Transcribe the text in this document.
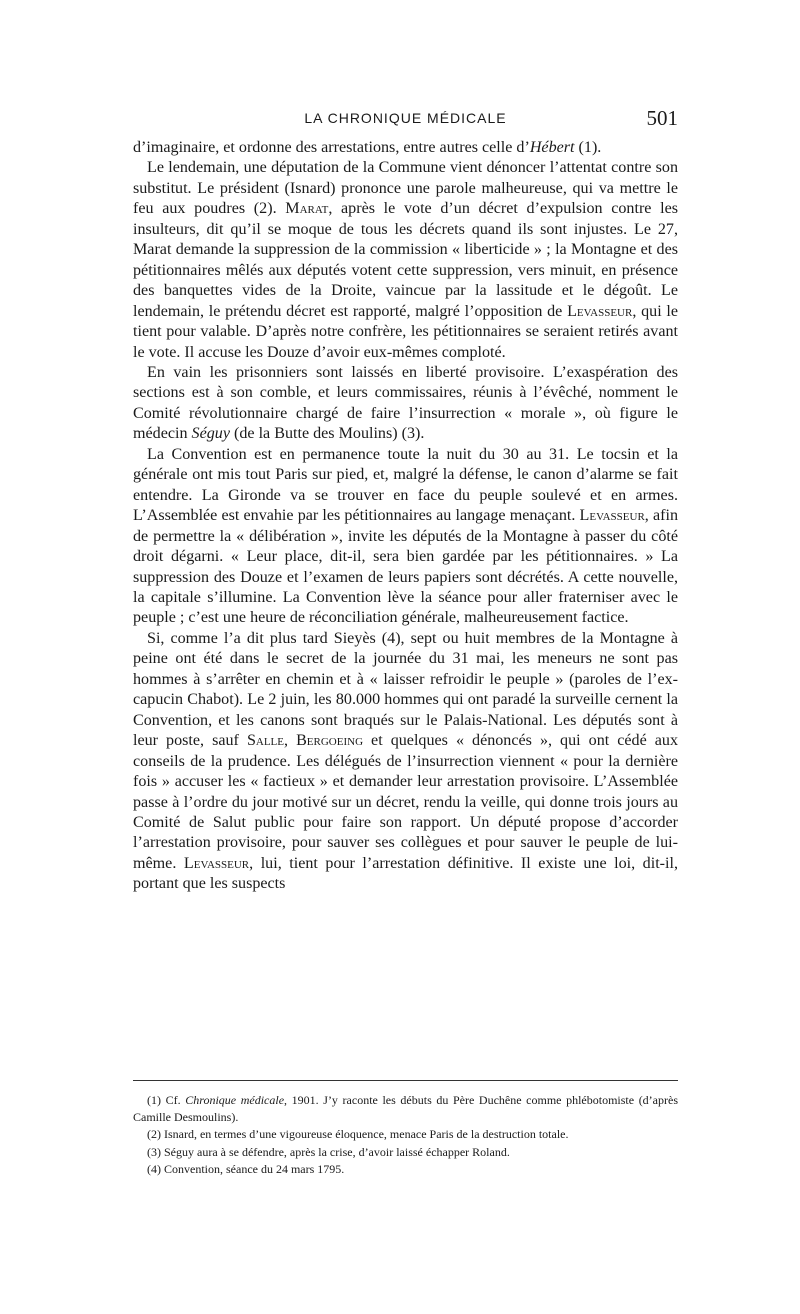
LA CHRONIQUE MÉDICALE	501

d’imaginaire, et ordonne des arrestations, entre autres celle d’Hébert (1).

Le lendemain, une députation de la Commune vient dénoncer l’attentat contre son substitut. Le président (Isnard) prononce une parole malheureuse, qui va mettre le feu aux poudres (2). Marat, après le vote d’un décret d’expulsion contre les insulteurs, dit qu’il se moque de tous les décrets quand ils sont injustes. Le 27, Marat demande la suppression de la commission « liberticide » ; la Montagne et des pétitionnaires mêlés aux députés votent cette suppression, vers minuit, en présence des banquettes vides de la Droite, vaincue par la lassitude et le dégoût. Le lendemain, le prétendu décret est rapporté, malgré l’opposition de Levasseur, qui le tient pour valable. D’après notre confrère, les pétitionnaires se seraient retirés avant le vote. Il accuse les Douze d’avoir eux-mêmes comploté.

En vain les prisonniers sont laissés en liberté provisoire. L’exaspération des sections est à son comble, et leurs commissaires, réunis à l’évêché, nomment le Comité révolutionnaire chargé de faire l’insurrection « morale », où figure le médecin Séguy (de la Butte des Moulins) (3).

La Convention est en permanence toute la nuit du 30 au 31. Le tocsin et la générale ont mis tout Paris sur pied, et, malgré la défense, le canon d’alarme se fait entendre. La Gironde va se trouver en face du peuple soulevé et en armes. L’Assemblée est envahie par les pétitionnaires au langage menaçant. Levasseur, afin de permettre la « délibération », invite les députés de la Montagne à passer du côté droit dégarni. « Leur place, dit-il, sera bien gardée par les pétitionnaires. » La suppression des Douze et l’examen de leurs papiers sont décrétés. A cette nouvelle, la capitale s’illumine. La Convention lève la séance pour aller fraterniser avec le peuple ; c’est une heure de réconciliation générale, malheureusement factice.

Si, comme l’a dit plus tard Sieyès (4), sept ou huit membres de la Montagne à peine ont été dans le secret de la journée du 31 mai, les meneurs ne sont pas hommes à s’arrêter en chemin et à « laisser refroidir le peuple » (paroles de l’ex-capucin Chabot). Le 2 juin, les 80.000 hommes qui ont paradé la surveille cernent la Convention, et les canons sont braqués sur le Palais-National. Les députés sont à leur poste, sauf Salle, Bergoeing et quelques « dénoncés », qui ont cédé aux conseils de la prudence. Les délégués de l’insurrection viennent « pour la dernière fois » accuser les « factieux » et demander leur arrestation provisoire. L’Assemblée passe à l’ordre du jour motivé sur un décret, rendu la veille, qui donne trois jours au Comité de Salut public pour faire son rapport. Un député propose d’accorder l’arrestation provisoire, pour sauver ses collègues et pour sauver le peuple de lui-même. Levasseur, lui, tient pour l’arrestation définitive. Il existe une loi, dit-il, portant que les suspects

(1) Cf. Chronique médicale, 1901. J’y raconte les débuts du Père Duchêne comme phlébotomiste (d’après Camille Desmoulins).

(2) Isnard, en termes d’une vigoureuse éloquence, menace Paris de la destruction totale.

(3) Séguy aura à se défendre, après la crise, d’avoir laissé échapper Roland.

(4) Convention, séance du 24 mars 1795.
